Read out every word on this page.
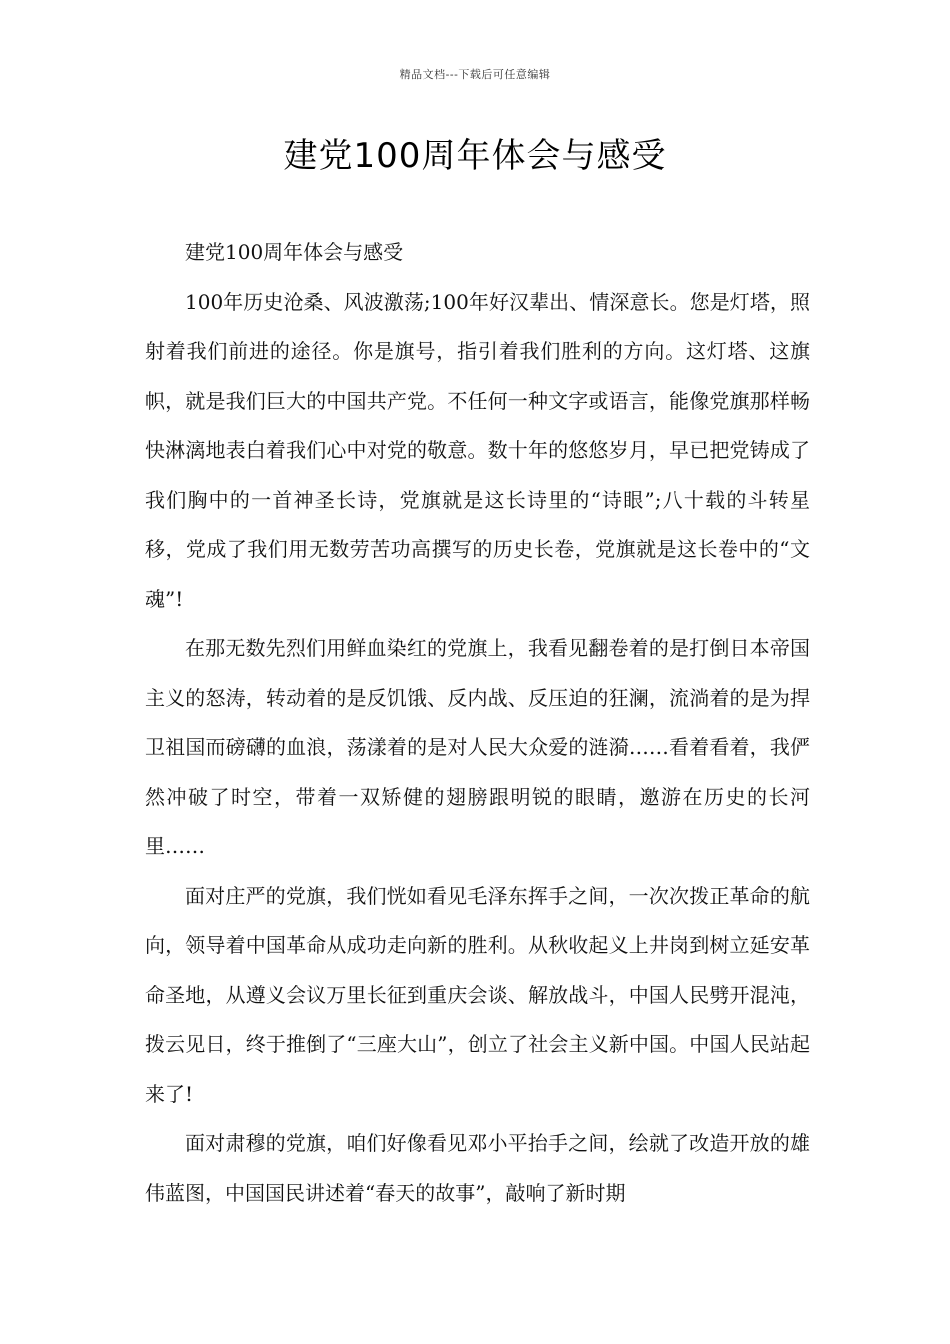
精品文档---下载后可任意编辑
建党100周年体会与感受

建党100周年体会与感受

100年历史沧桑、风波激荡;100年好汉辈出、情深意长。您是灯塔，照射着我们前进的途径。你是旗号，指引着我们胜利的方向。这灯塔、这旗帜，就是我们巨大的中国共产党。不任何一种文字或语言，能像党旗那样畅快淋漓地表白着我们心中对党的敬意。数十年的悠悠岁月，早已把党铸成了我们胸中的一首神圣长诗，党旗就是这长诗里的“诗眼”;八十载的斗转星移，党成了我们用无数劳苦功高撰写的历史长卷，党旗就是这长卷中的“文魂”!

在那无数先烈们用鲜血染红的党旗上，我看见翻卷着的是打倒日本帝国主义的怒涛，转动着的是反饥饿、反内战、反压迫的狂澜，流淌着的是为捍卫祖国而磅礴的血浪，荡漾着的是对人民大众爱的涟漪……看着看着，我俨然冲破了时空，带着一双矫健的翅膀跟明锐的眼睛，邀游在历史的长河里……

面对庄严的党旗，我们恍如看见毛泽东挥手之间，一次次拨正革命的航向，领导着中国革命从成功走向新的胜利。从秋收起义上井岗到树立延安革命圣地，从遵义会议万里长征到重庆会谈、解放战斗，中国人民劈开混沌，拨云见日，终于推倒了“三座大山”，创立了社会主义新中国。中国人民站起来了!

面对肃穆的党旗，咱们好像看见邓小平抬手之间，绘就了改造开放的雄伟蓝图，中国国民讲述着“春天的故事”，敲响了新时期
